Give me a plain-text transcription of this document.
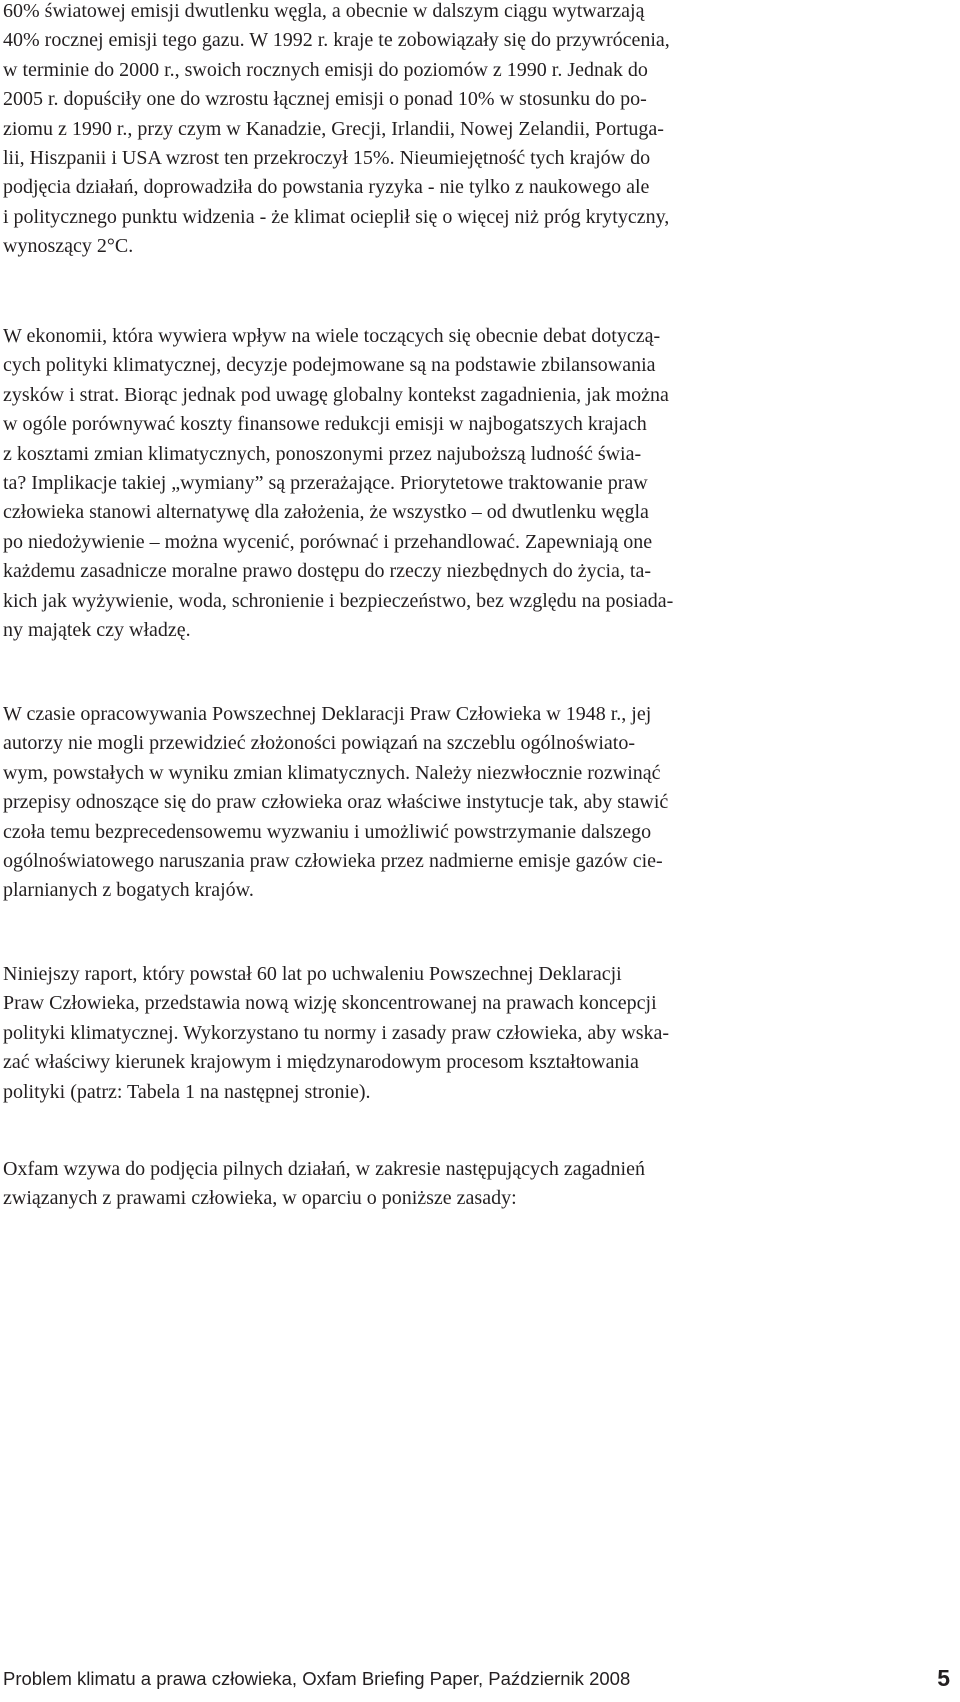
60% światowej emisji dwutlenku węgla, a obecnie w dalszym ciągu wytwarzają
40% rocznej emisji tego gazu. W 1992 r. kraje te zobowiązały się do przywrócenia,
w terminie do 2000 r., swoich rocznych emisji do poziomów z 1990 r. Jednak do
2005 r. dopuściły one do wzrostu łącznej emisji o ponad 10% w stosunku do po-
ziomu z 1990 r., przy czym w Kanadzie, Grecji, Irlandii, Nowej Zelandii, Portuga-
lii, Hiszpanii i USA wzrost ten przekroczył 15%. Nieumiejętność tych krajów do
podjęcia działań, doprowadziła do powstania ryzyka - nie tylko z naukowego ale
i politycznego punktu widzenia - że klimat ocieplił się o więcej niż próg krytyczny,
wynoszący 2°C.

W ekonomii, która wywiera wpływ na wiele toczących się obecnie debat dotyczą-
cych polityki klimatycznej, decyzje podejmowane są na podstawie zbilansowania
zysków i strat. Biorąc jednak pod uwagę globalny kontekst zagadnienia, jak można
w ogóle porównywać koszty finansowe redukcji emisji w najbogatszych krajach
z kosztami zmian klimatycznych, ponoszonymi przez najuboższą ludność świa-
ta? Implikacje takiej „wymiany” są przerażające. Priorytetowe traktowanie praw
człowieka stanowi alternatywę dla założenia, że wszystko – od dwutlenku węgla
po niedożywienie – można wycenić, porównać i przehandlować. Zapewniają one
każdemu zasadnicze moralne prawo dostępu do rzeczy niezbędnych do życia, ta-
kich jak wyżywienie, woda, schronienie i bezpieczeństwo, bez względu na posiada-
ny majątek czy władzę.

W czasie opracowywania Powszechnej Deklaracji Praw Człowieka w 1948 r., jej
autorzy nie mogli przewidzieć złożoności powiązań na szczeblu ogólnoświato-
wym, powstałych w wyniku zmian klimatycznych. Należy niezwłocznie rozwinąć
przepisy odnoszące się do praw człowieka oraz właściwe instytucje tak, aby stawić
czoła temu bezprecedensowemu wyzwaniu i umożliwić powstrzymanie dalszego
ogólnoświatowego naruszania praw człowieka przez nadmierne emisje gazów cie-
plarnianych z bogatych krajów.

Niniejszy raport, który powstał 60 lat po uchwaleniu Powszechnej Deklaracji
Praw Człowieka, przedstawia nową wizję skoncentrowanej na prawach koncepcji
polityki klimatycznej. Wykorzystano tu normy i zasady praw człowieka, aby wska-
zać właściwy kierunek krajowym i międzynarodowym procesom kształtowania
polityki (patrz: Tabela 1 na następnej stronie).

Oxfam wzywa do podjęcia pilnych działań, w zakresie następujących zagadnień
związanych z prawami człowieka, w oparciu o poniższe zasady:

Problem klimatu a prawa człowieka, Oxfam Briefing Paper, Październik 2008	5
